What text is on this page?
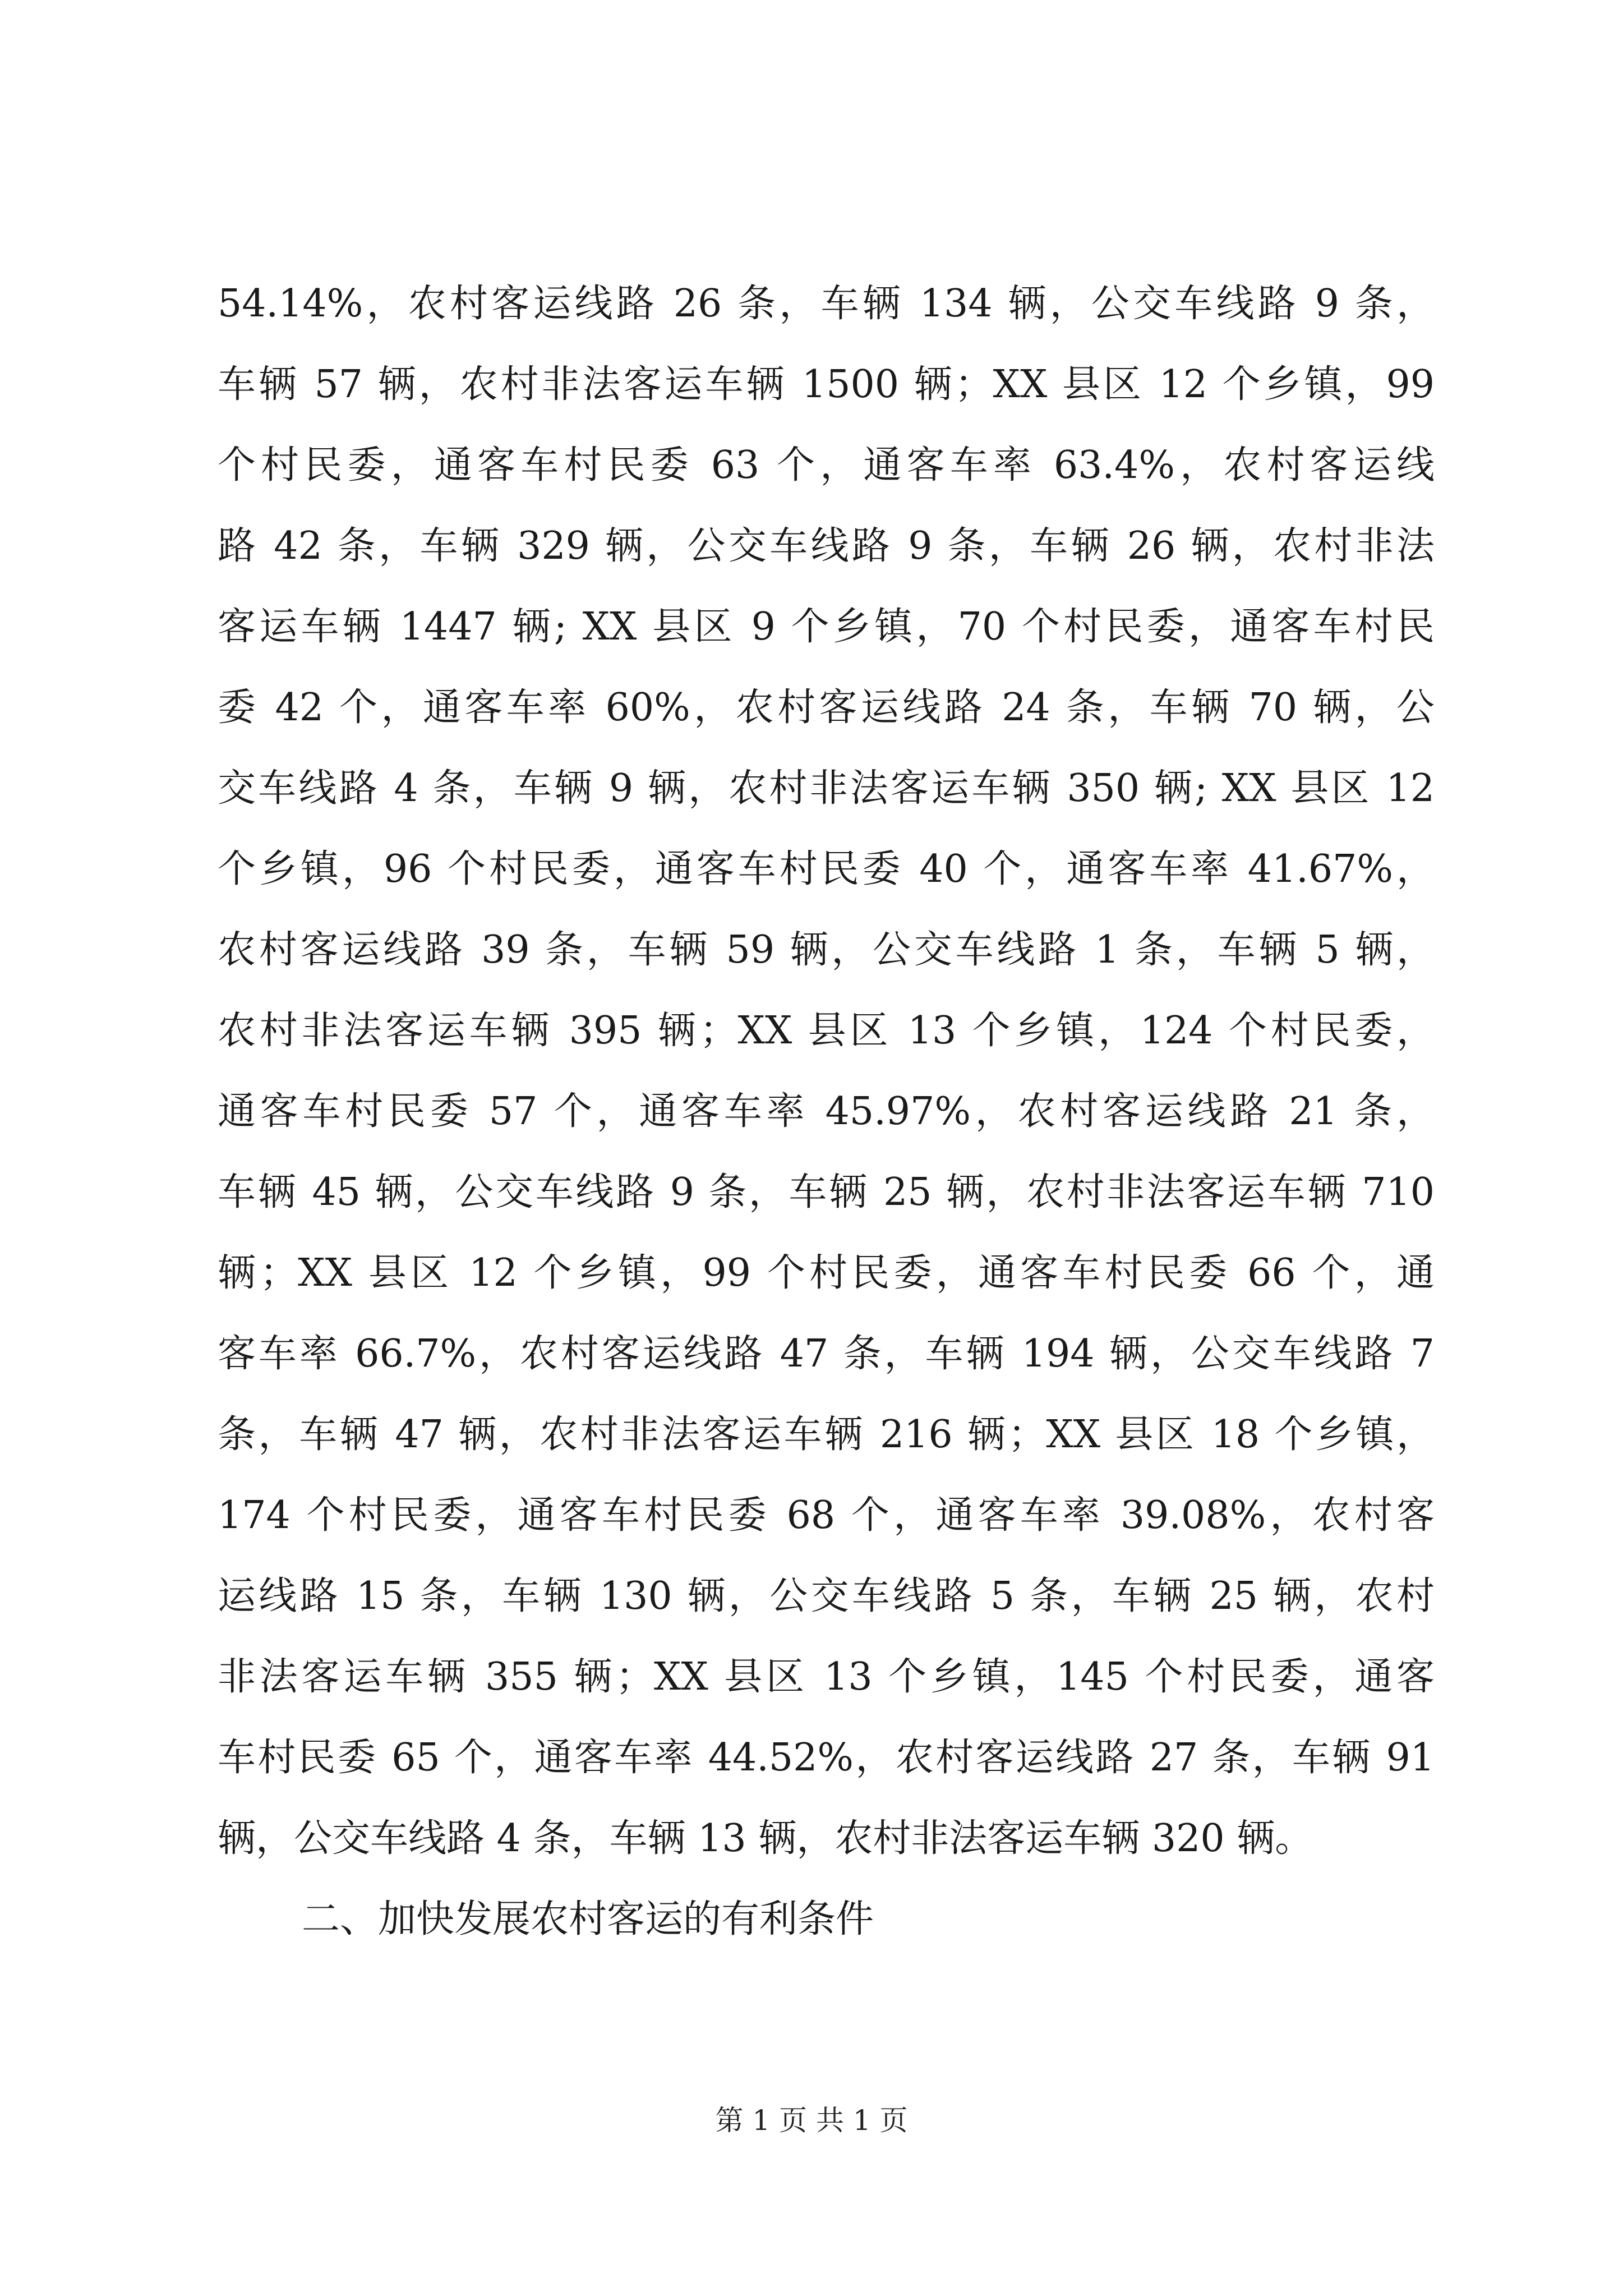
54.14%，农村客运线路 26 条，车辆 134 辆，公交车线路 9 条，
车辆 57 辆，农村非法客运车辆 1500 辆；XX 县区 12 个乡镇，99
个村民委，通客车村民委 63 个，通客车率 63.4%，农村客运线
路 42 条，车辆 329 辆，公交车线路 9 条，车辆 26 辆，农村非法
客运车辆 1447 辆; XX 县区 9 个乡镇，70 个村民委，通客车村民
委 42 个，通客车率 60%，农村客运线路 24 条，车辆 70 辆，公
交车线路 4 条，车辆 9 辆，农村非法客运车辆 350 辆; XX 县区 12
个乡镇，96 个村民委，通客车村民委 40 个，通客车率 41.67%，
农村客运线路 39 条，车辆 59 辆，公交车线路 1 条，车辆 5 辆，
农村非法客运车辆 395 辆；XX 县区 13 个乡镇，124 个村民委，
通客车村民委 57 个，通客车率 45.97%，农村客运线路 21 条，
车辆 45 辆，公交车线路 9 条，车辆 25 辆，农村非法客运车辆 710
辆；XX 县区 12 个乡镇，99 个村民委，通客车村民委 66 个，通
客车率 66.7%，农村客运线路 47 条，车辆 194 辆，公交车线路 7
条，车辆 47 辆，农村非法客运车辆 216 辆；XX 县区 18 个乡镇，
174 个村民委，通客车村民委 68 个，通客车率 39.08%，农村客
运线路 15 条，车辆 130 辆，公交车线路 5 条，车辆 25 辆，农村
非法客运车辆 355 辆；XX 县区 13 个乡镇，145 个村民委，通客
车村民委 65 个，通客车率 44.52%，农村客运线路 27 条，车辆 91
辆，公交车线路 4 条，车辆 13 辆，农村非法客运车辆 320 辆。
二、加快发展农村客运的有利条件
第 1 页 共 1 页
